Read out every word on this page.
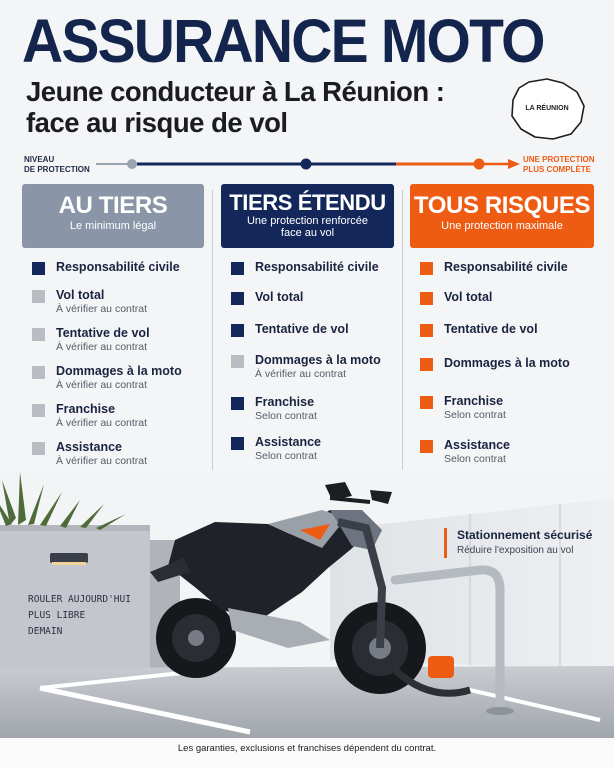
ASSURANCE MOTO
Jeune conducteur à La Réunion :
face au risque de vol	LA RÉUNION
NIVEAU
DE PROTECTION
UNE PROTECTION
PLUS COMPLÈTE
AU TIERS
Le minimum légal
Responsabilité civile
Vol total
À vérifier au contrat
Tentative de vol
À vérifier au contrat
Dommages à la moto
À vérifier au contrat
Franchise
À vérifier au contrat
Assistance
À vérifier au contrat
TIERS ÉTENDU
Une protection renforcée
face au vol
Responsabilité civile
Vol total
Tentative de vol
Dommages à la moto
À vérifier au contrat
Franchise
Selon contrat
Assistance
Selon contrat
TOUS RISQUES
Une protection maximale
Responsabilité civile
Vol total
Tentative de vol
Dommages à la moto
Franchise
Selon contrat
Assistance
Selon contrat
ROULER AUJOURD'HUI
PLUS LIBRE
DEMAIN
Stationnement sécurisé
Réduire l'exposition au vol
Les garanties, exclusions et franchises dépendent du contrat.
